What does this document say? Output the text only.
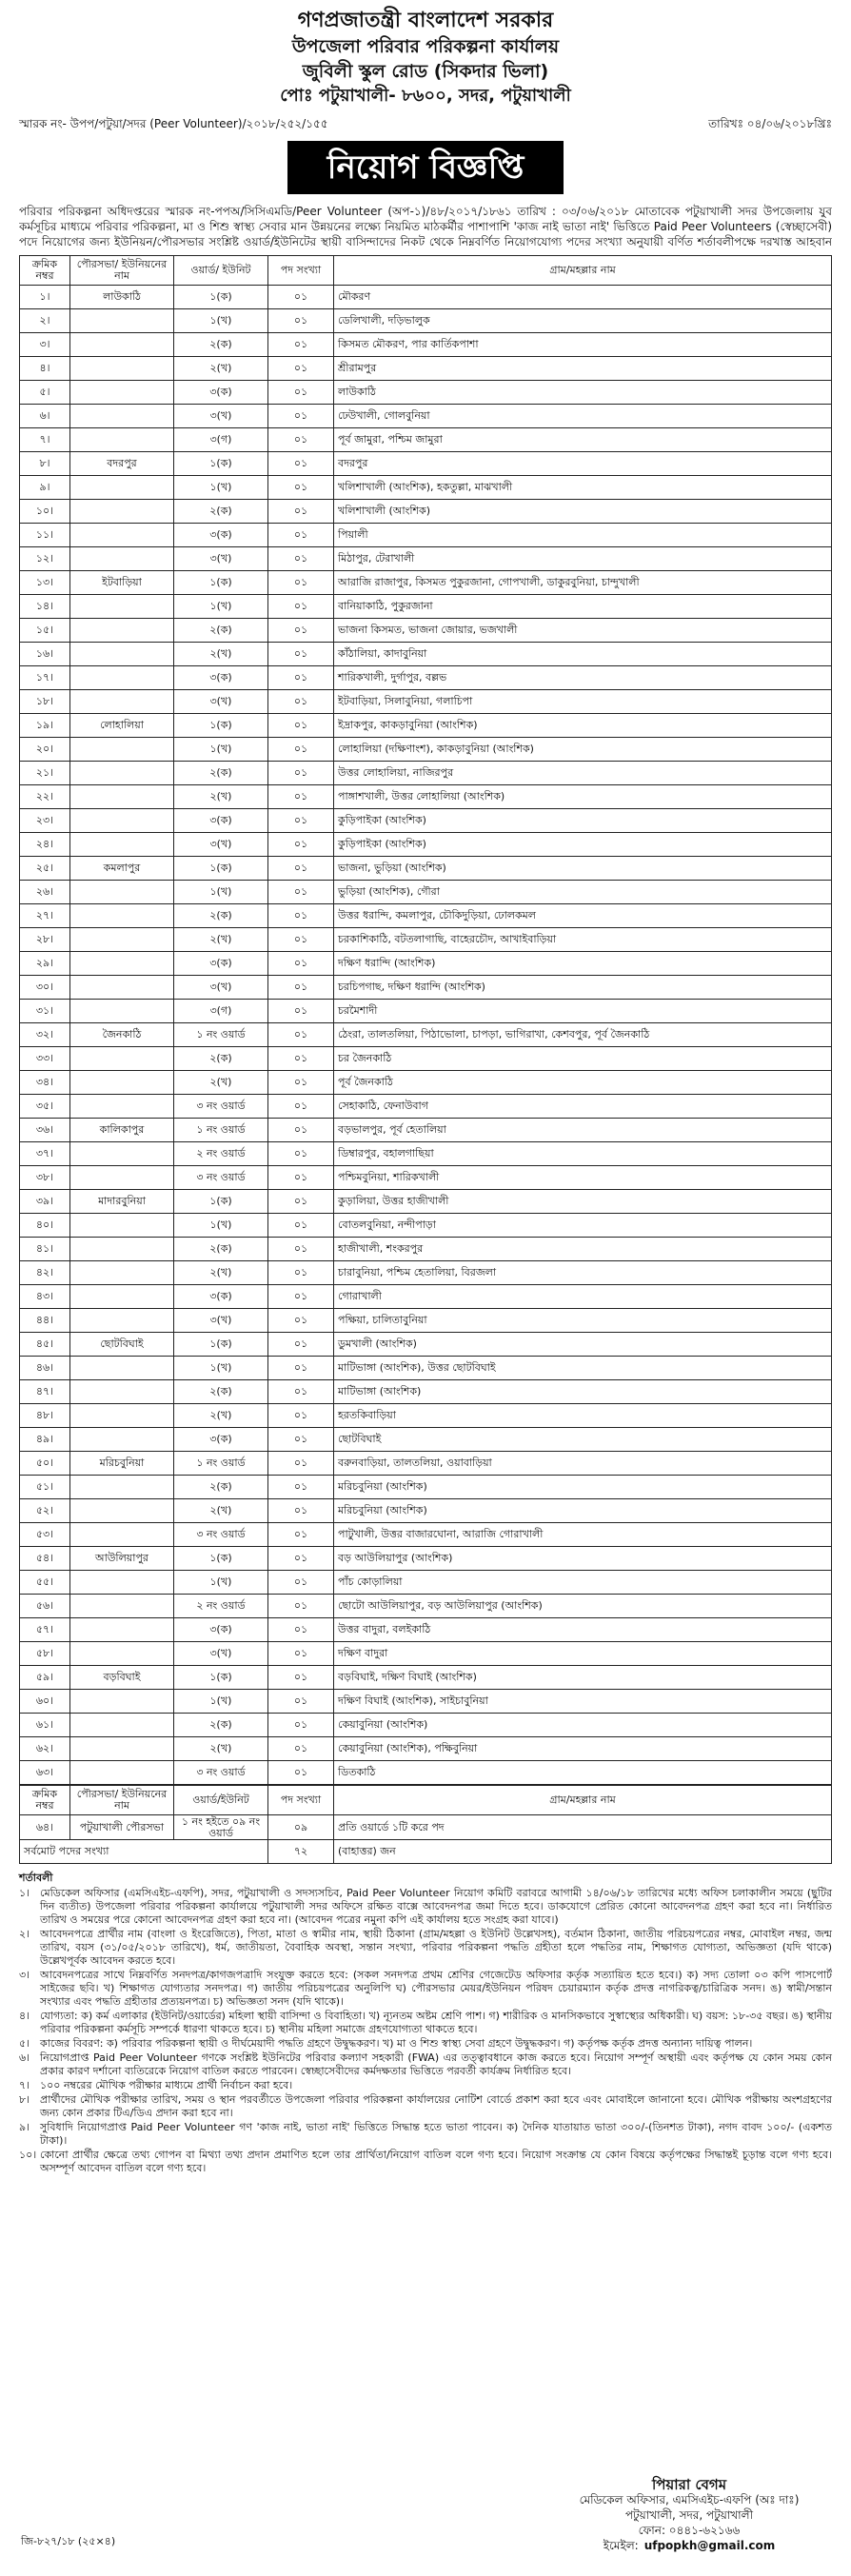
গণপ্রজাতন্ত্রী বাংলাদেশ সরকার
উপজেলা পরিবার পরিকল্পনা কার্যালয়
জুবিলী স্কুল রোড (সিকদার ভিলা)
পোঃ পটুয়াখালী- ৮৬০০, সদর, পটুয়াখালী
স্মারক নং- উপপ/পটুয়া/সদর (Peer Volunteer)/২০১৮/২৫২/১৫৫	তারিখঃ ০৪/০৬/২০১৮খ্রিঃ
নিয়োগ বিজ্ঞপ্তি
পরিবার পরিকল্পনা অধিদপ্তরের স্মারক নং-পপঅ/সিসিএমডি/Peer Volunteer (অপ-১)/৪৮/২০১৭/১৮৬১ তারিখ : ০৩/০৬/২০১৮ মোতাবেক পটুয়াখালী সদর উপজেলায় যুব কর্মসূচির মাধ্যমে পরিবার পরিকল্পনা, মা ও শিশু স্বাস্থ্য সেবার মান উন্নয়নের লক্ষ্যে নিয়মিত মাঠকর্মীর পাশাপাশি 'কাজ নাই ভাতা নাই' ভিত্তিতে Paid Peer Volunteers (স্বেচ্ছাসেবী) পদে নিয়োগের জন্য ইউনিয়ন/পৌরসভার সংশ্লিষ্ট ওয়ার্ড/ইউনিটের স্থায়ী বাসিন্দাদের নিকট থেকে নিম্নবর্ণিত নিয়োগযোগ্য পদের সংখ্যা অনুযায়ী বর্ণিত শর্তাবলীপক্ষে দরখাস্ত আহবান
ক্রমিক নম্বর	পৌরসভা/ ইউনিয়নের নাম	ওয়ার্ড/ ইউনিট	পদ সংখ্যা	গ্রাম/মহল্লার নাম
১।	লাউকাঠি	১(ক)	০১	মৌকরণ
২।		১(খ)	০১	ডেলিখালী, দড়িভালুক
৩।		২(ক)	০১	কিসমত মৌকরণ, পার কার্তিকপাশা
৪।		২(খ)	০১	শ্রীরামপুর
৫।		৩(ক)	০১	লাউকাঠি
৬।		৩(খ)	০১	ঢেউখালী, গোলবুনিয়া
৭।		৩(গ)	০১	পূর্ব জামুরা, পশ্চিম জামুরা
৮।	বদরপুর	১(ক)	০১	বদরপুর
৯।		১(খ)	০১	খলিশাখালী (আংশিক), হকতুল্লা, মাঝখালী
১০।		২(ক)	০১	খলিশাখালী (আংশিক)
১১।		৩(ক)	০১	পিয়ালী
১২।		৩(খ)	০১	মিঠাপুর, টেরাখালী
১৩।	ইটবাড়িয়া	১(ক)	০১	আরাজি রাজাপুর, কিসমত পুকুরজানা, গোপখালী, ডাকুরবুনিয়া, চান্দুখালী
১৪।		১(খ)	০১	বানিয়াকাঠি, পুকুরজানা
১৫।		২(ক)	০১	ভাজনা কিসমত, ভাজনা জোয়ার, ভজখালী
১৬।		২(খ)	০১	কাঁঠালিয়া, কাদাবুনিয়া
১৭।		৩(ক)	০১	শারিকখালী, দুর্গাপুর, বল্লভ
১৮।		৩(খ)	০১	ইটবাড়িয়া, সিলাবুনিয়া, গলাচিপা
১৯।	লোহালিয়া	১(ক)	০১	ইদ্রাকপুর, কাকড়াবুনিয়া (আংশিক)
২০।		১(খ)	০১	লোহালিয়া (দক্ষিণাংশ), কাকড়াবুনিয়া (আংশিক)
২১।		২(ক)	০১	উত্তর লোহালিয়া, নাজিরপুর
২২।		২(খ)	০১	পাঙ্গাশখালী, উত্তর লোহালিয়া (আংশিক)
২৩।		৩(ক)	০১	কুড়িপাইকা (আংশিক)
২৪।		৩(খ)	০১	কুড়িপাইকা (আংশিক)
২৫।	কমলাপুর	১(ক)	০১	ভাজনা, ভুড়িয়া (আংশিক)
২৬।		১(খ)	০১	ভুড়িয়া (আংশিক), গৌরা
২৭।		২(ক)	০১	উত্তর ধরান্দি, কমলাপুর, চৌকিদুড়িয়া, ঢোলকমল
২৮।		২(খ)	০১	চরকাশিকাঠি, বটতলাগাছি, বাহেরচৌদ, আখাইবাড়িয়া
২৯।		৩(ক)	০১	দক্ষিণ ধরান্দি (আংশিক)
৩০।		৩(খ)	০১	চরচিপগাছ, দক্ষিণ ধরান্দি (আংশিক)
৩১।		৩(গ)	০১	চরমৈশাদী
৩২।	জৈনকাঠি	১ নং ওয়ার্ড	০১	ঠেংরা, তালতলিয়া, পিঠাভোলা, চাপড়া, ভাগিরাখা, কেশবপুর, পূর্ব জৈনকাঠি
৩৩।		২(ক)	০১	চর জৈনকাঠি
৩৪।		২(খ)	০১	পূর্ব জৈনকাঠি
৩৫।		৩ নং ওয়ার্ড	০১	সেহাকাঠি, ফেনাউবাগ
৩৬।	কালিকাপুর	১ নং ওয়ার্ড	০১	বড়ভালপুর, পূর্ব হেতালিয়া
৩৭।		২ নং ওয়ার্ড	০১	ডিম্বারপুর, বহালগাছিয়া
৩৮।		৩ নং ওয়ার্ড	০১	পশ্চিমবুনিয়া, শারিকখালী
৩৯।	মাদারবুনিয়া	১(ক)	০১	কুড়ালিয়া, উত্তর হাজীখালী
৪০।		১(খ)	০১	বোতলবুনিয়া, নন্দীপাড়া
৪১।		২(ক)	০১	হাজীখালী, শংকরপুর
৪২।		২(খ)	০১	চারাবুনিয়া, পশ্চিম হেতালিয়া, বিরজলা
৪৩।		৩(ক)	০১	গোরাখালী
৪৪।		৩(খ)	০১	পক্ষিয়া, চালিতাবুনিয়া
৪৫।	ছোটবিঘাই	১(ক)	০১	ডুমখালী (আংশিক)
৪৬।		১(খ)	০১	মাটিভাঙ্গা (আংশিক), উত্তর ছোটবিঘাই
৪৭।		২(ক)	০১	মাটিভাঙ্গা (আংশিক)
৪৮।		২(খ)	০১	হরতকিবাড়িয়া
৪৯।		৩(ক)	০১	ছোটবিঘাই
৫০।	মরিচবুনিয়া	১ নং ওয়ার্ড	০১	বরুনবাড়িয়া, তালতলিয়া, ওয়াবাড়িয়া
৫১।		২(ক)	০১	মরিচবুনিয়া (আংশিক)
৫২।		২(খ)	০১	মরিচবুনিয়া (আংশিক)
৫৩।		৩ নং ওয়ার্ড	০১	পাটুখালী, উত্তর বাজারঘোনা, আরাজি গোরাখালী
৫৪।	আউলিয়াপুর	১(ক)	০১	বড় আউলিয়াপুর (আংশিক)
৫৫।		১(খ)	০১	পাঁচ কোড়ালিয়া
৫৬।		২ নং ওয়ার্ড	০১	ছোটো আউলিয়াপুর, বড় আউলিয়াপুর (আংশিক)
৫৭।		৩(ক)	০১	উত্তর বাদুরা, বলইকাঠি
৫৮।		৩(খ)	০১	দক্ষিণ বাদুরা
৫৯।	বড়বিঘাই	১(ক)	০১	বড়বিঘাই, দক্ষিণ বিঘাই (আংশিক)
৬০।		১(খ)	০১	দক্ষিণ বিঘাই (আংশিক), সাইচাবুনিয়া
৬১।		২(ক)	০১	কেয়াবুনিয়া (আংশিক)
৬২।		২(খ)	০১	কেয়াবুনিয়া (আংশিক), পক্ষিবুনিয়া
৬৩।		৩ নং ওয়ার্ড	০১	ডিতকাঠি
ক্রমিক নম্বর	পৌরসভা/ ইউনিয়নের নাম	ওয়ার্ড/ইউনিট	পদ সংখ্যা	গ্রাম/মহল্লার নাম
৬৪।	পটুয়াখালী পৌরসভা	১ নং হইতে ০৯ নং ওয়ার্ড	০৯	প্রতি ওয়ার্ডে ১টি করে পদ
সর্বমোট পদের সংখ্যা			৭২	(বাহাত্তর) জন
শর্তাবলী
১। মেডিকেল অফিসার (এমসিএইচ-এফপি), সদর, পটুয়াখালী ও সদস্যসচিব, Paid Peer Volunteer নিয়োগ কমিটি বরাবরে আগামী ১৪/০৬/১৮ তারিখের মধ্যে অফিস চলাকালীন সময়ে (ছুটির দিন ব্যতীত) উপজেলা পরিবার পরিকল্পনা কার্যালয়ে পটুয়াখালী সদর অফিসে রক্ষিত বাক্সে আবেদনপত্র জমা দিতে হবে। ডাকযোগে প্রেরিত কোনো আবেদনপত্র গ্রহণ করা হবে না। নির্ধারিত তারিখ ও সময়ের পরে কোনো আবেদনপত্র গ্রহণ করা হবে না। (আবেদন পত্রের নমুনা কপি এই কার্যালয় হতে সংগ্রহ করা যাবে।)
২। আবেদনপত্রে প্রার্থীর নাম (বাংলা ও ইংরেজিতে), পিতা, মাতা ও স্বামীর নাম, স্থায়ী ঠিকানা (গ্রাম/মহল্লা ও ইউনিট উল্লেখসহ), বর্তমান ঠিকানা, জাতীয় পরিচয়পত্রের নম্বর, মোবাইল নম্বর, জন্ম তারিখ, বয়স (৩১/০৫/২০১৮ তারিখে), ধর্ম, জাতীয়তা, বৈবাহিক অবস্থা, সন্তান সংখ্যা, পরিবার পরিকল্পনা পদ্ধতি গ্রহীতা হলে পদ্ধতির নাম, শিক্ষাগত যোগ্যতা, অভিজ্ঞতা (যদি থাকে) উল্লেখপূর্বক আবেদন করতে হবে।
৩। আবেদনপত্রের সাথে নিম্নবর্ণিত সনদপত্র/কাগজপত্রাদি সংযুক্ত করতে হবে: (সকল সনদপত্র প্রথম শ্রেণির গেজেটেড অফিসার কর্তৃক সত্যায়িত হতে হবে।) ক) সদ্য তোলা ০৩ কপি পাসপোর্ট সাইজের ছবি। খ) শিক্ষাগত যোগ্যতার সনদপত্র। গ) জাতীয় পরিচয়পত্রের অনুলিপি ঘ) পৌরসভার মেয়র/ইউনিয়ন পরিষদ চেয়ারম্যান কর্তৃক প্রদত্ত নাগরিকত্ব/চারিত্রিক সনদ। ঙ) স্বামী/সন্তান সংখ্যার এবং পদ্ধতি গ্রহীতার প্রত্যয়নপত্র। চ) অভিজ্ঞতা সনদ (যদি থাকে)।
৪। যোগ্যতা: ক) কর্ম এলাকার (ইউনিট/ওয়ার্ডের) মহিলা স্থায়ী বাসিন্দা ও বিবাহিতা। খ) ন্যূনতম অষ্টম শ্রেণি পাশ। গ) শারীরিক ও মানসিকভাবে সুস্বাস্থ্যের অধিকারী। ঘ) বয়স: ১৮-৩৫ বছর। ঙ) স্থানীয় পরিবার পরিকল্পনা কর্মসূচি সম্পর্কে ধারণা থাকতে হবে। চ) স্থানীয় মহিলা সমাজে গ্রহণযোগ্যতা থাকতে হবে।
৫। কাজের বিবরণ: ক) পরিবার পরিকল্পনা স্থায়ী ও দীর্ঘমেয়াদী পদ্ধতি গ্রহণে উদ্বুদ্ধকরণ। খ) মা ও শিশু স্বাস্থ্য সেবা গ্রহণে উদ্বুদ্ধকরণ। গ) কর্তৃপক্ষ কর্তৃক প্রদত্ত অন্যান্য দায়িত্ব পালন।
৬। নিয়োগপ্রাপ্ত Paid Peer Volunteer গণকে সংশ্লিষ্ট ইউনিটের পরিবার কল্যাণ সহকারী (FWA) এর তত্ত্বাবধানে কাজ করতে হবে। নিয়োগ সম্পূর্ণ অস্থায়ী এবং কর্তৃপক্ষ যে কোন সময় কোন প্রকার কারণ দর্শানো ব্যতিরেকে নিয়োগ বাতিল করতে পারবেন। স্বেচ্ছাসেবীদের কর্মদক্ষতার ভিত্তিতে পরবর্তী কার্যক্রম নির্ধারিত হবে।
৭। ১০০ নম্বরের মৌখিক পরীক্ষার মাধ্যমে প্রার্থী নির্বাচন করা হবে।
৮। প্রার্থীদের মৌখিক পরীক্ষার তারিখ, সময় ও স্থান পরবর্তীতে উপজেলা পরিবার পরিকল্পনা কার্যালয়ের নোটিশ বোর্ডে প্রকাশ করা হবে এবং মোবাইলে জানানো হবে। মৌখিক পরীক্ষায় অংশগ্রহণের জন্য কোন প্রকার টিএ/ডিএ প্রদান করা হবে না।
৯। সুবিধাদি নিয়োগপ্রাপ্ত Paid Peer Volunteer গণ 'কাজ নাই, ভাতা নাই' ভিত্তিতে সিদ্ধান্ত হতে ভাতা পাবেন। ক) দৈনিক যাতায়াত ভাতা ৩০০/-(তিনশত টাকা), নগদ বাবদ ১০০/- (একশত টাকা)।
১০। কোনো প্রার্থীর ক্ষেত্রে তথ্য গোপন বা মিথ্যা তথ্য প্রদান প্রমাণিত হলে তার প্রার্থিতা/নিয়োগ বাতিল বলে গণ্য হবে। নিয়োগ সংক্রান্ত যে কোন বিষয়ে কর্তৃপক্ষের সিদ্ধান্তই চূড়ান্ত বলে গণ্য হবে। অসম্পূর্ণ আবেদন বাতিল বলে গণ্য হবে।
জি-৮২৭/১৮ (২৫×৪)
পিয়ারা বেগম
মেডিকেল অফিসার, এমসিএইচ-এফপি (অঃ দাঃ)
পটুয়াখালী, সদর, পটুয়াখালী
ফোন: ০৪৪১-৬২১৬৬
ইমেইল: ufpopkh@gmail.com
